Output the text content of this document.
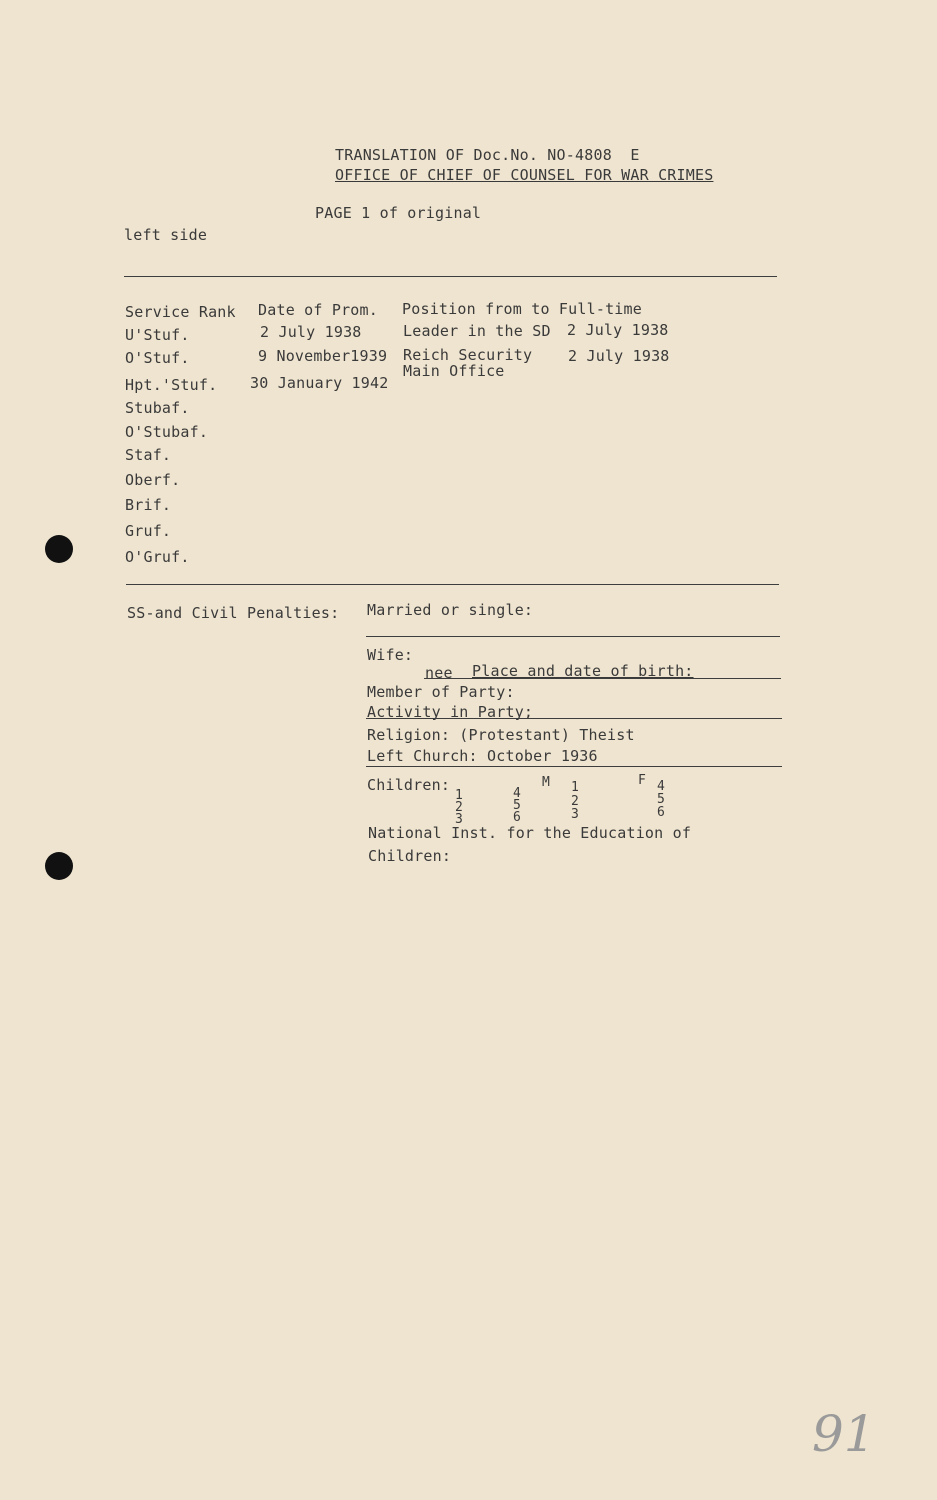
TRANSLATION OF Doc.No. NO-4808  E
OFFICE OF CHIEF OF COUNSEL FOR WAR CRIMES
PAGE 1 of original
left side
Service Rank Date of Prom. Position from to Full-time
U'Stuf.
O'Stuf.
Hpt.'Stuf.
Stubaf.
O'Stubaf.
Staf.
Oberf.
Brif.
Gruf.
O'Gruf.
2 July 1938
9 November1939
30 January 1942
Leader in the SD
Reich Security
Main Office
2 July 1938
2 July 1938
SS-and Civil Penalties: Married or single:
Wife:
nee Place and date of birth:
Member of Party:
Activity in Party;
Religion: (Protestant) Theist
Left Church: October 1936
Children:	M	F
1
2
3
4
5
6
1
2
3
4
5
6
National Inst. for the Education of
Children:
91
